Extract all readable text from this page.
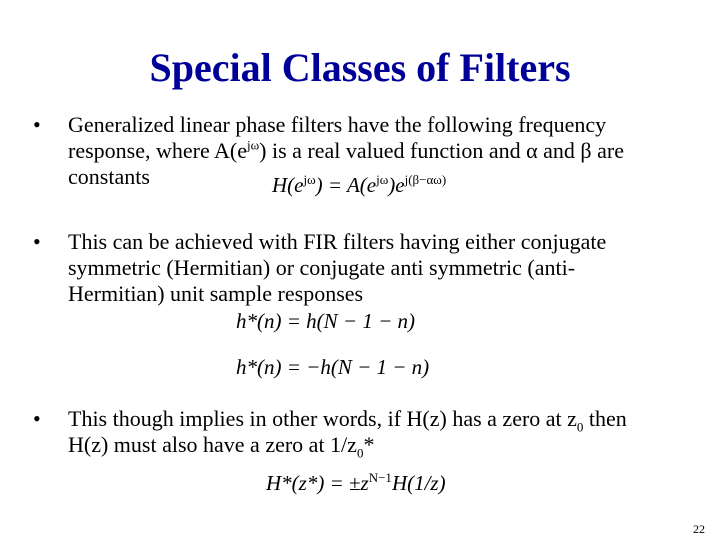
Special Classes of Filters
• Generalized linear phase filters have the following frequency response, where $A(e^{j\omega})$ is a real valued function and α and β are constants	$H(e^{j\omega}) = A(e^{j\omega})e^{j(\beta-\alpha\omega)}$
• This can be achieved with FIR filters having either conjugate symmetric (Hermitian) or conjugate anti symmetric (anti-Hermitian) unit sample responses
h*(n) = h(N − 1 − n)
h*(n) = −h(N − 1 − n)
• This though implies in other words, if H(z) has a zero at $z_0$ then H(z) must also have a zero at $1/z_0*$
$H*(z*) = \pm z^{N-1}H(1/z)$
22
